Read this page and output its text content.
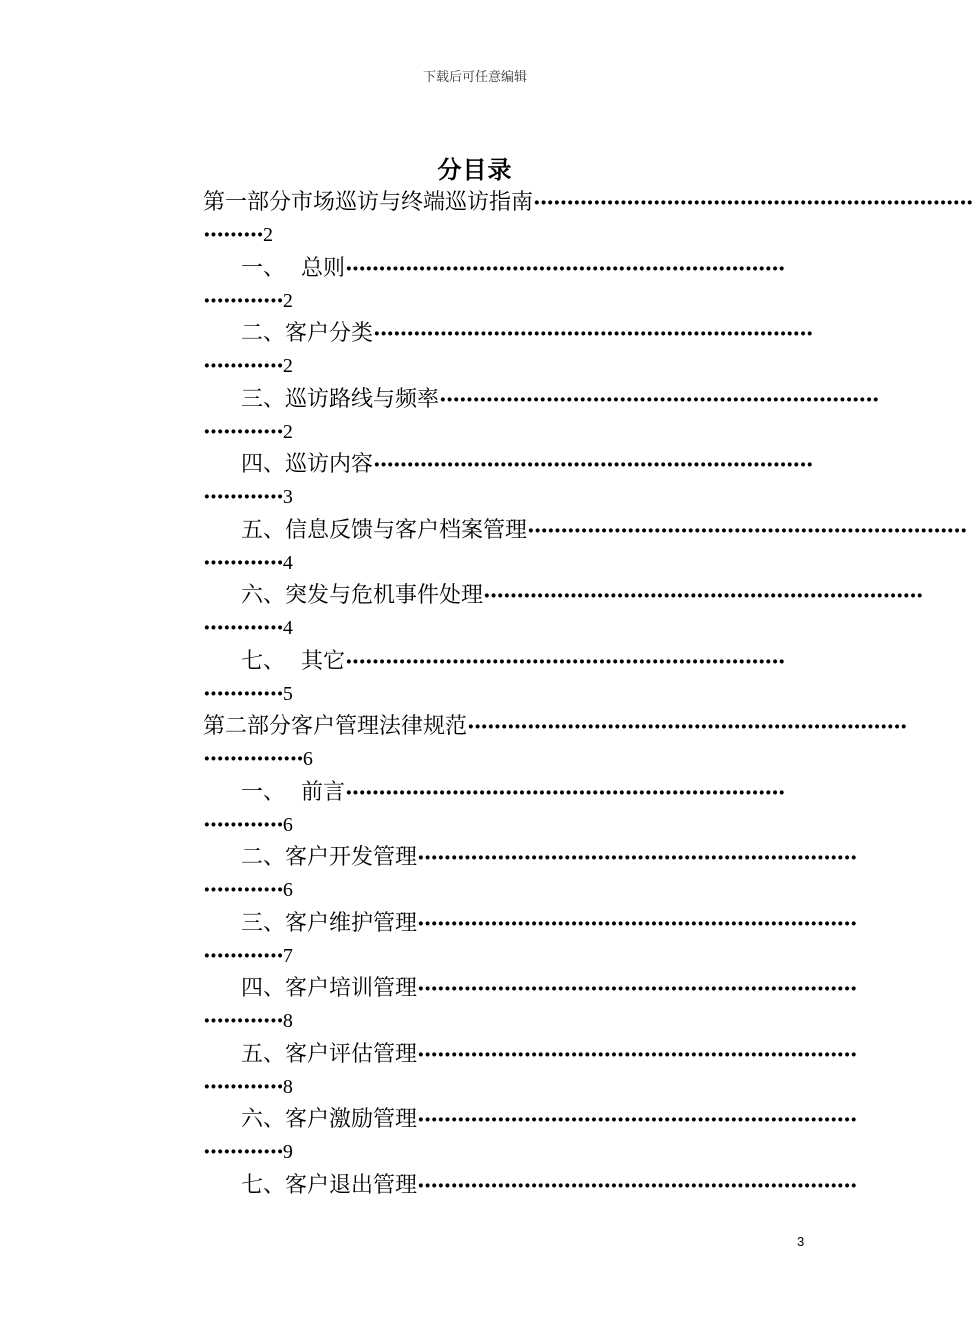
下载后可任意编辑
分目录
第一部分 市场巡访与终端巡访指南 ··································································
········· 2
一、 总则 ··································································
············ 2
二、 客户分类 ··································································
············ 2
三、 巡访路线与频率 ··································································
············ 2
四、 巡访内容 ··································································
············ 3
五、 信息反馈与客户档案管理 ··································································
············ 4
六、 突发与危机事件处理 ··································································
············ 4
七、 其它 ··································································
············ 5
第二部分 客户管理法律规范 ··································································
··············· 6
一、 前言 ··································································
············ 6
二、 客户开发管理 ··································································
············ 6
三、 客户维护管理 ··································································
············ 7
四、 客户培训管理 ··································································
············ 8
五、 客户评估管理 ··································································
············ 8
六、 客户激励管理 ··································································
············ 9
七、 客户退出管理 ··································································
3
